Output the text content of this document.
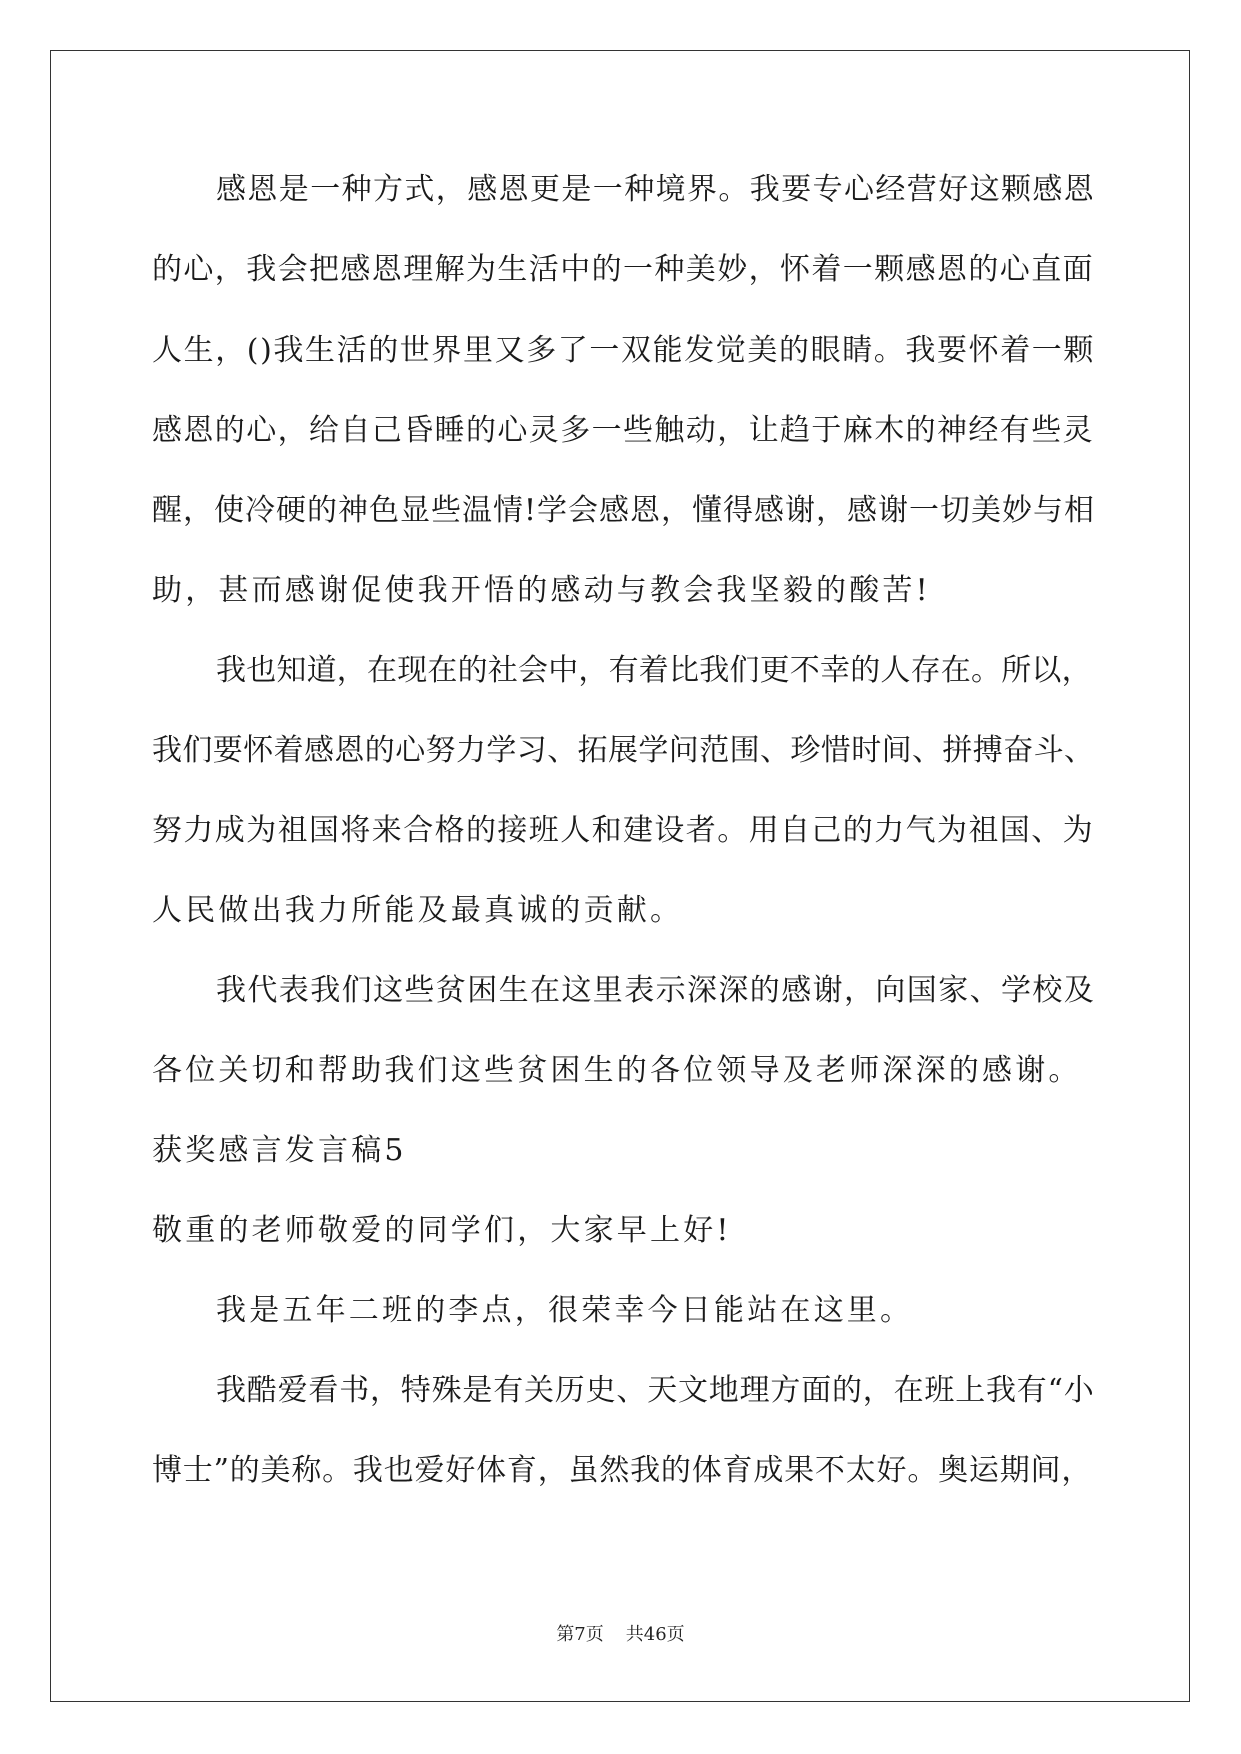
感恩是一种方式，感恩更是一种境界。我要专心经营好这颗感恩
的心，我会把感恩理解为生活中的一种美妙，怀着一颗感恩的心直面
人生，()我生活的世界里又多了一双能发觉美的眼睛。我要怀着一颗
感恩的心，给自己昏睡的心灵多一些触动，让趋于麻木的神经有些灵
醒，使冷硬的神色显些温情!学会感恩，懂得感谢，感谢一切美妙与相
助，甚而感谢促使我开悟的感动与教会我坚毅的酸苦!
我也知道，在现在的社会中，有着比我们更不幸的人存在。所以，
我们要怀着感恩的心努力学习、拓展学问范围、珍惜时间、拼搏奋斗、
努力成为祖国将来合格的接班人和建设者。用自己的力气为祖国、为
人民做出我力所能及最真诚的贡献。
我代表我们这些贫困生在这里表示深深的感谢，向国家、学校及
各位关切和帮助我们这些贫困生的各位领导及老师深深的感谢。
获奖感言发言稿5
敬重的老师敬爱的同学们，大家早上好!
我是五年二班的李点，很荣幸今日能站在这里。
我酷爱看书，特殊是有关历史、天文地理方面的，在班上我有“小
博士”的美称。我也爱好体育，虽然我的体育成果不太好。奥运期间，
第7页 共46页
